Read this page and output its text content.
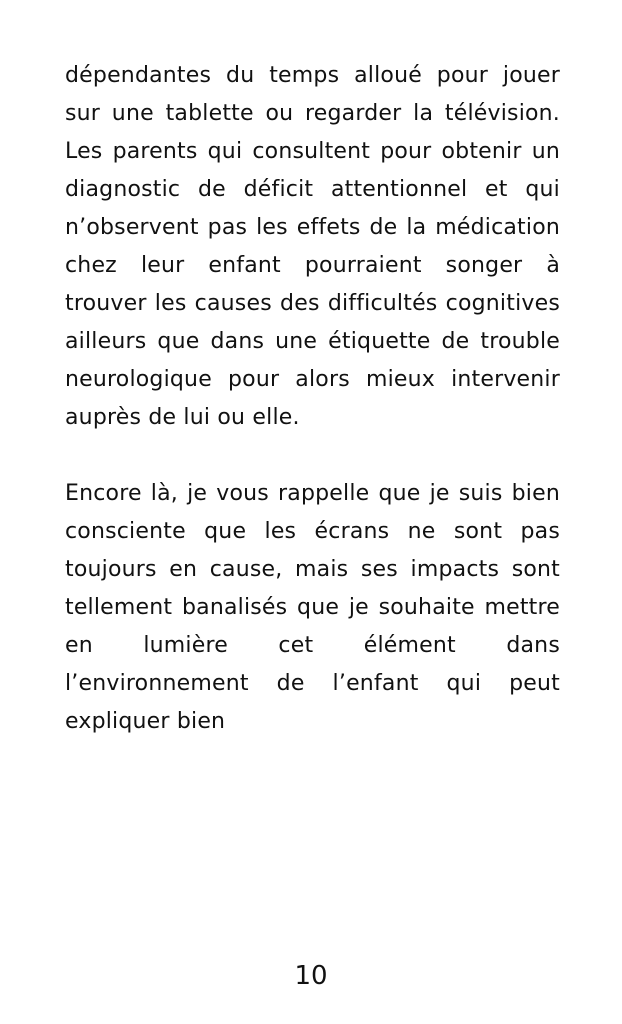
dépendantes du temps alloué pour jouer sur une tablette ou regarder la télévision. Les parents qui consultent pour obtenir un diagnostic de déficit attentionnel et qui n’observent pas les effets de la médication chez leur enfant pourraient songer à trouver les causes des difficultés cognitives ailleurs que dans une étiquette de trouble neurologique pour alors mieux intervenir auprès de lui ou elle.

Encore là, je vous rappelle que je suis bien consciente que les écrans ne sont pas toujours en cause, mais ses impacts sont tellement banalisés que je souhaite mettre en lumière cet élément dans l’environnement de l’enfant qui peut expliquer bien

10
